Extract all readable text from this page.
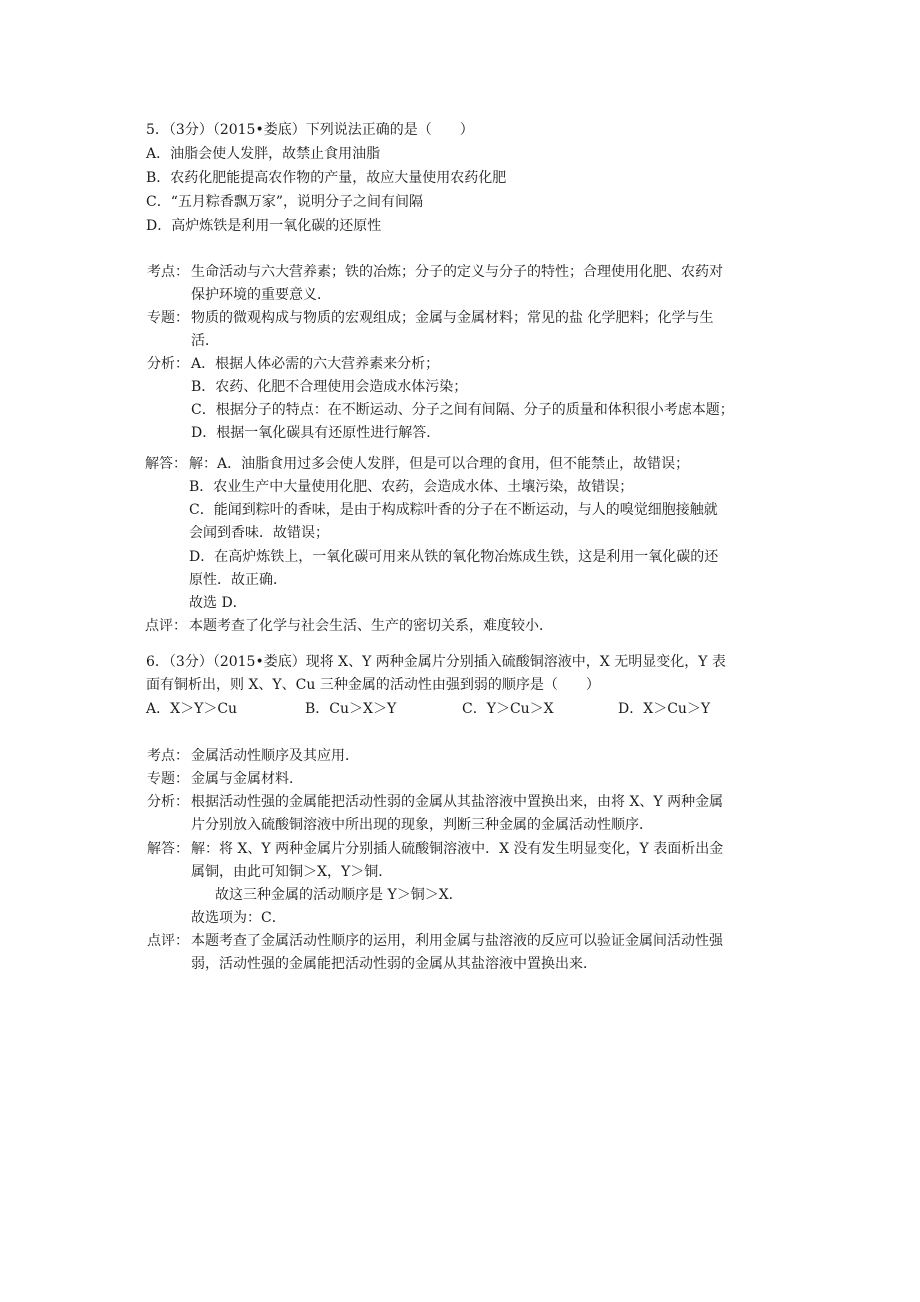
5．（3分）（2015•娄底）下列说法正确的是（　　）
A．油脂会使人发胖，故禁止食用油脂
B．农药化肥能提高农作物的产量，故应大量使用农药化肥
C．“五月粽香飘万家”，说明分子之间有间隔
D．高炉炼铁是利用一氧化碳的还原性
考点： 生命活动与六大营养素；铁的冶炼；分子的定义与分子的特性；合理使用化肥、农药对
保护环境的重要意义．
专题： 物质的微观构成与物质的宏观组成；金属与金属材料；常见的盐 化学肥料；化学与生
活．
分析： A．根据人体必需的六大营养素来分析；
B．农药、化肥不合理使用会造成水体污染；
C．根据分子的特点：在不断运动、分子之间有间隔、分子的质量和体积很小考虑本题；
D．根据一氧化碳具有还原性进行解答．
解答： 解：A．油脂食用过多会使人发胖，但是可以合理的食用，但不能禁止，故错误；
B．农业生产中大量使用化肥、农药，会造成水体、土壤污染，故错误；
C．能闻到粽叶的香味，是由于构成粽叶香的分子在不断运动，与人的嗅觉细胞接触就
会闻到香味．故错误；
D．在高炉炼铁上，一氧化碳可用来从铁的氧化物冶炼成生铁，这是利用一氧化碳的还
原性．故正确．
故选 D．
点评： 本题考查了化学与社会生活、生产的密切关系，难度较小．
6．（3分）（2015•娄底）现将 X、Y 两种金属片分别插入硫酸铜溶液中，X 无明显变化，Y 表
面有铜析出，则 X、Y、Cu 三种金属的活动性由强到弱的顺序是（　　）
A．X＞Y＞Cu	B．Cu＞X＞Y	C．Y＞Cu＞X	D．X＞Cu＞Y
考点： 金属活动性顺序及其应用．
专题： 金属与金属材料．
分析： 根据活动性强的金属能把活动性弱的金属从其盐溶液中置换出来，由将 X、Y 两种金属
片分别放入硫酸铜溶液中所出现的现象，判断三种金属的金属活动性顺序．
解答： 解：将 X、Y 两种金属片分别插人硫酸铜溶液中．X 没有发生明显变化，Y 表面析出金
属铜，由此可知铜＞X，Y＞铜．
故这三种金属的活动顺序是 Y＞铜＞X．
故选项为：C．
点评： 本题考查了金属活动性顺序的运用，利用金属与盐溶液的反应可以验证金属间活动性强
弱，活动性强的金属能把活动性弱的金属从其盐溶液中置换出来．
